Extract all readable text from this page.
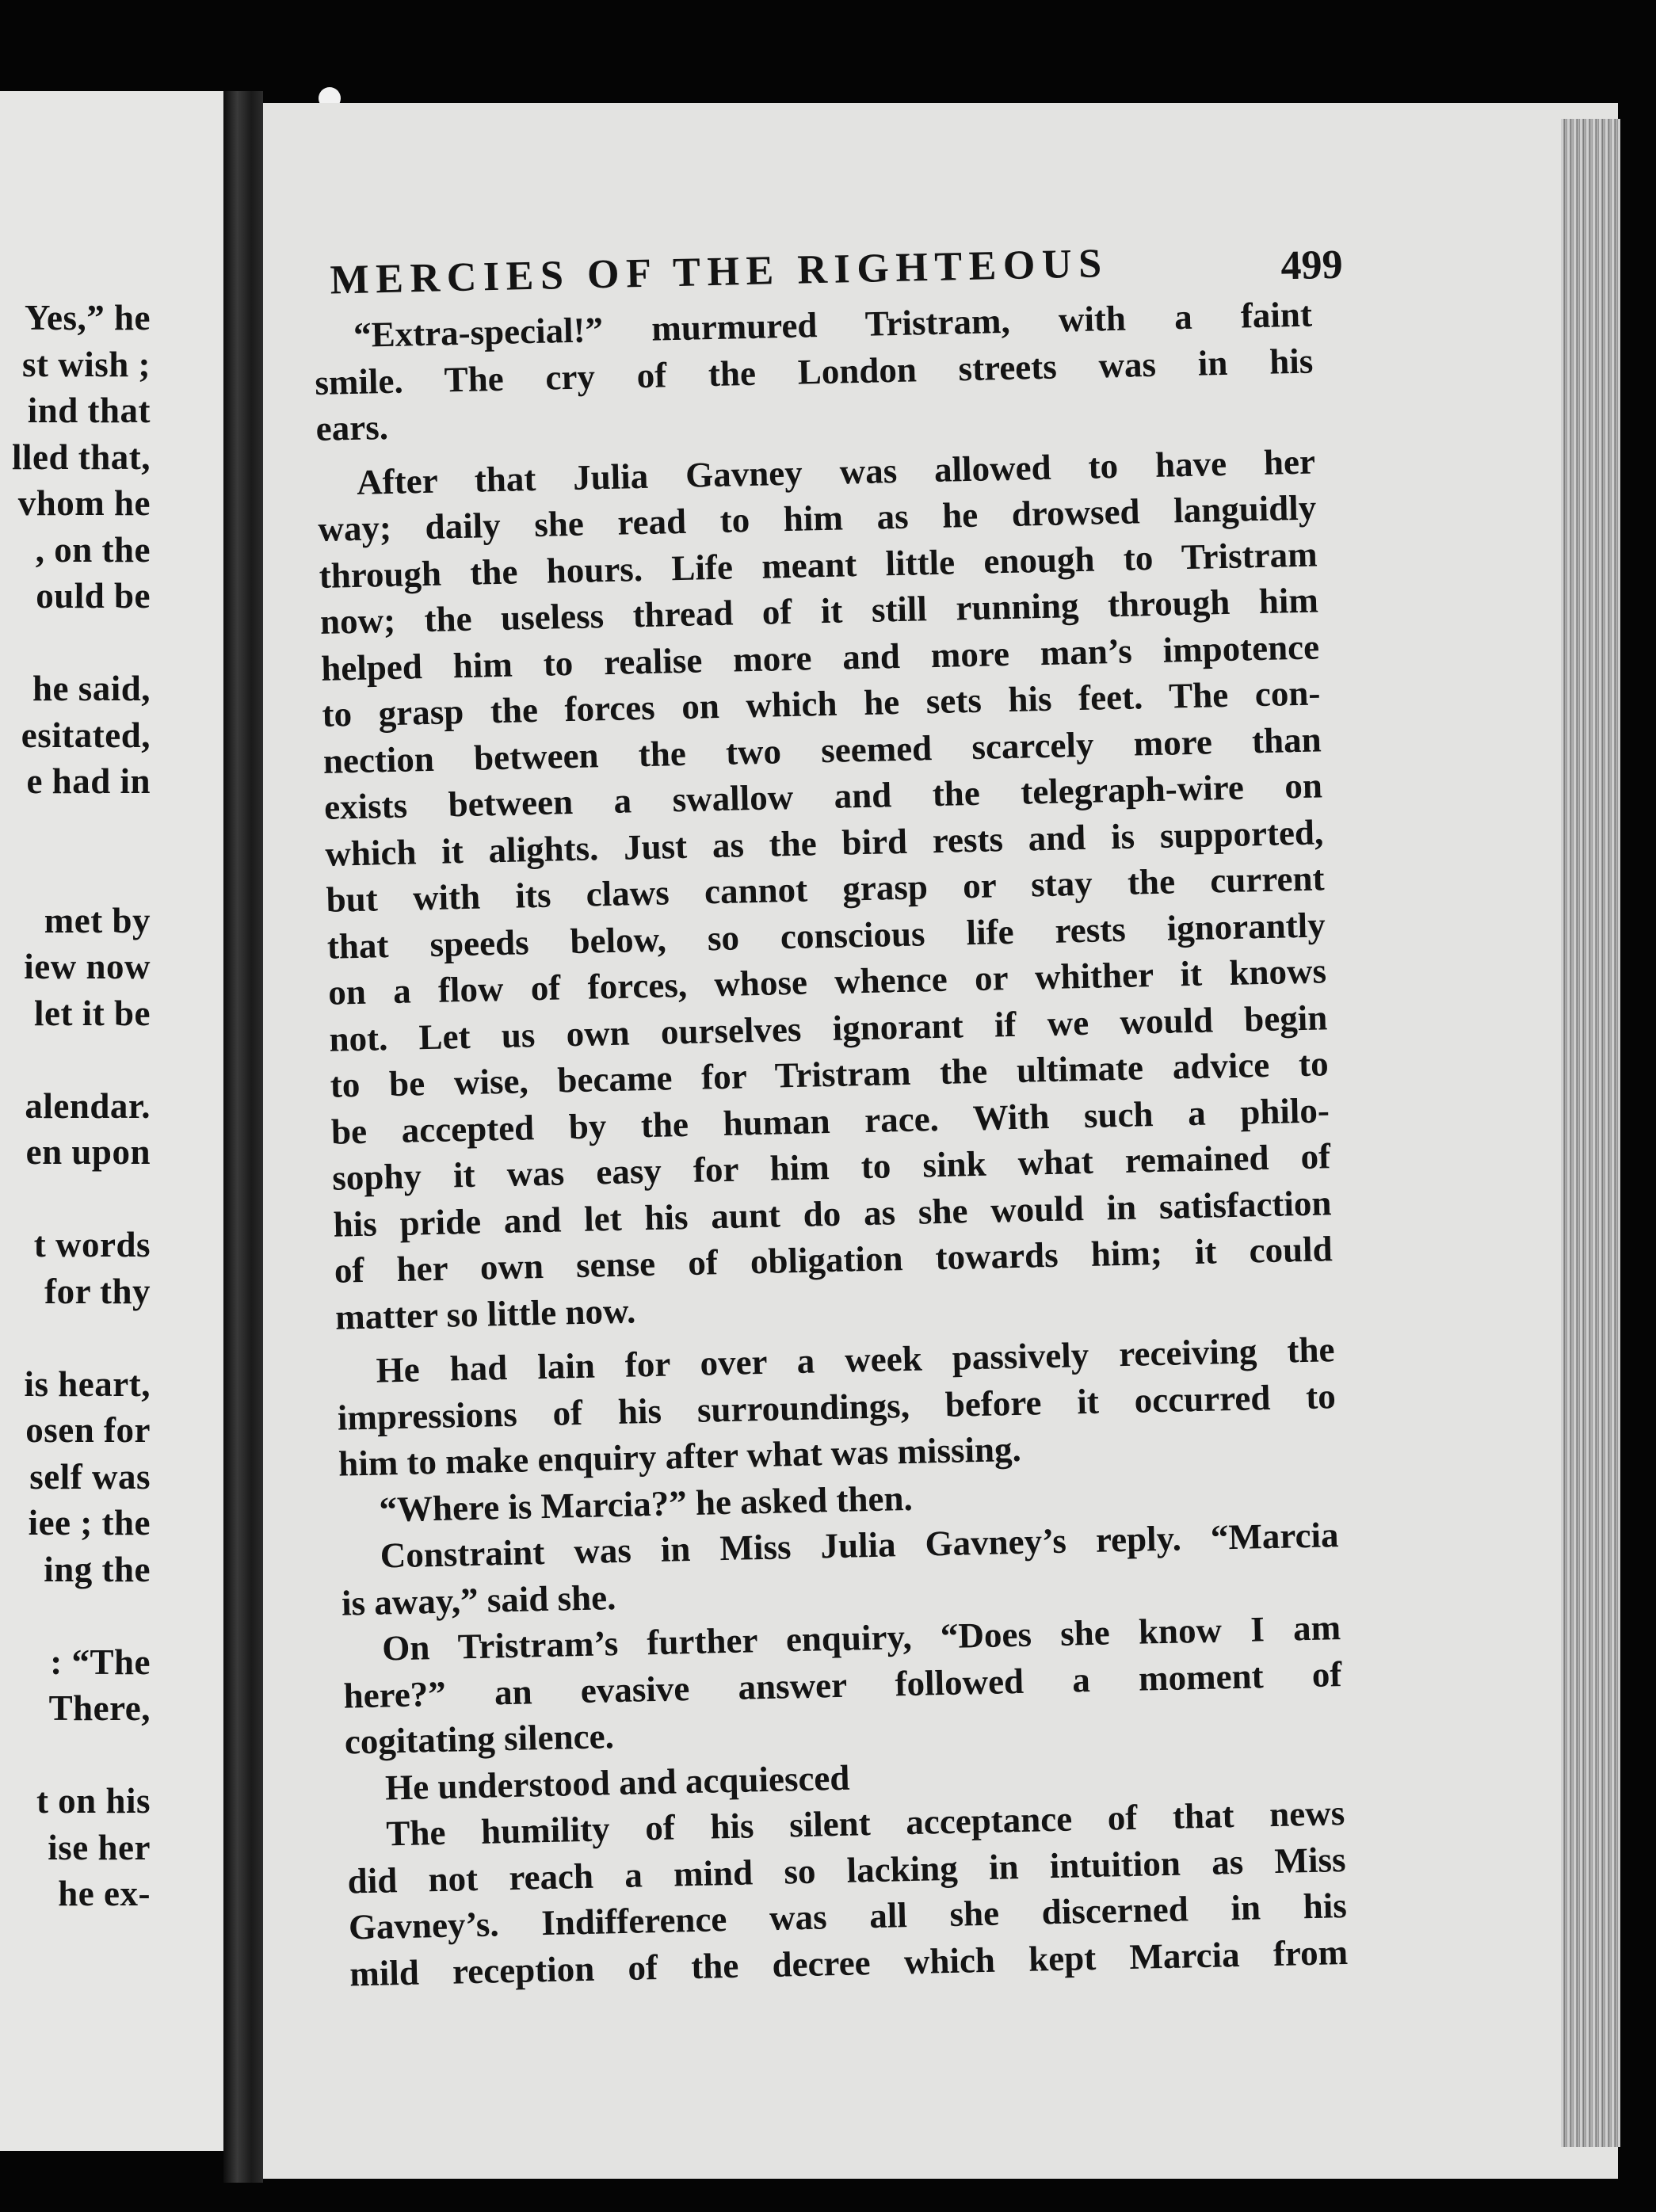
Yes,” he
st wish ;
ind that
lled that,
vhom he
, on the
ould be
he said,
esitated,
e had in
met by
iew now
let it be
alendar.
en upon
t words
for thy
is heart,
osen for
self was
iee ; the
ing the
: “The
There,
t on his
ise her
he ex-
MERCIES OF THE RIGHTEOUS	499
“Extra-special!” murmured Tristram, with a faint
smile. The cry of the London streets was in his
ears.
After that Julia Gavney was allowed to have her
way; daily she read to him as he drowsed languidly
through the hours. Life meant little enough to Tristram
now; the useless thread of it still running through him
helped him to realise more and more man’s impotence
to grasp the forces on which he sets his feet. The con-
nection between the two seemed scarcely more than
exists between a swallow and the telegraph-wire on
which it alights. Just as the bird rests and is supported,
but with its claws cannot grasp or stay the current
that speeds below, so conscious life rests ignorantly
on a flow of forces, whose whence or whither it knows
not. Let us own ourselves ignorant if we would begin
to be wise, became for Tristram the ultimate advice to
be accepted by the human race. With such a philo-
sophy it was easy for him to sink what remained of
his pride and let his aunt do as she would in satisfaction
of her own sense of obligation towards him; it could
matter so little now.
He had lain for over a week passively receiving the
impressions of his surroundings, before it occurred to
him to make enquiry after what was missing.
“Where is Marcia?” he asked then.
Constraint was in Miss Julia Gavney’s reply. “Marcia
is away,” said she.
On Tristram’s further enquiry, “Does she know I am
here?” an evasive answer followed a moment of
cogitating silence.
He understood and acquiesced
The humility of his silent acceptance of that news
did not reach a mind so lacking in intuition as Miss
Gavney’s. Indifference was all she discerned in his
mild reception of the decree which kept Marcia from
